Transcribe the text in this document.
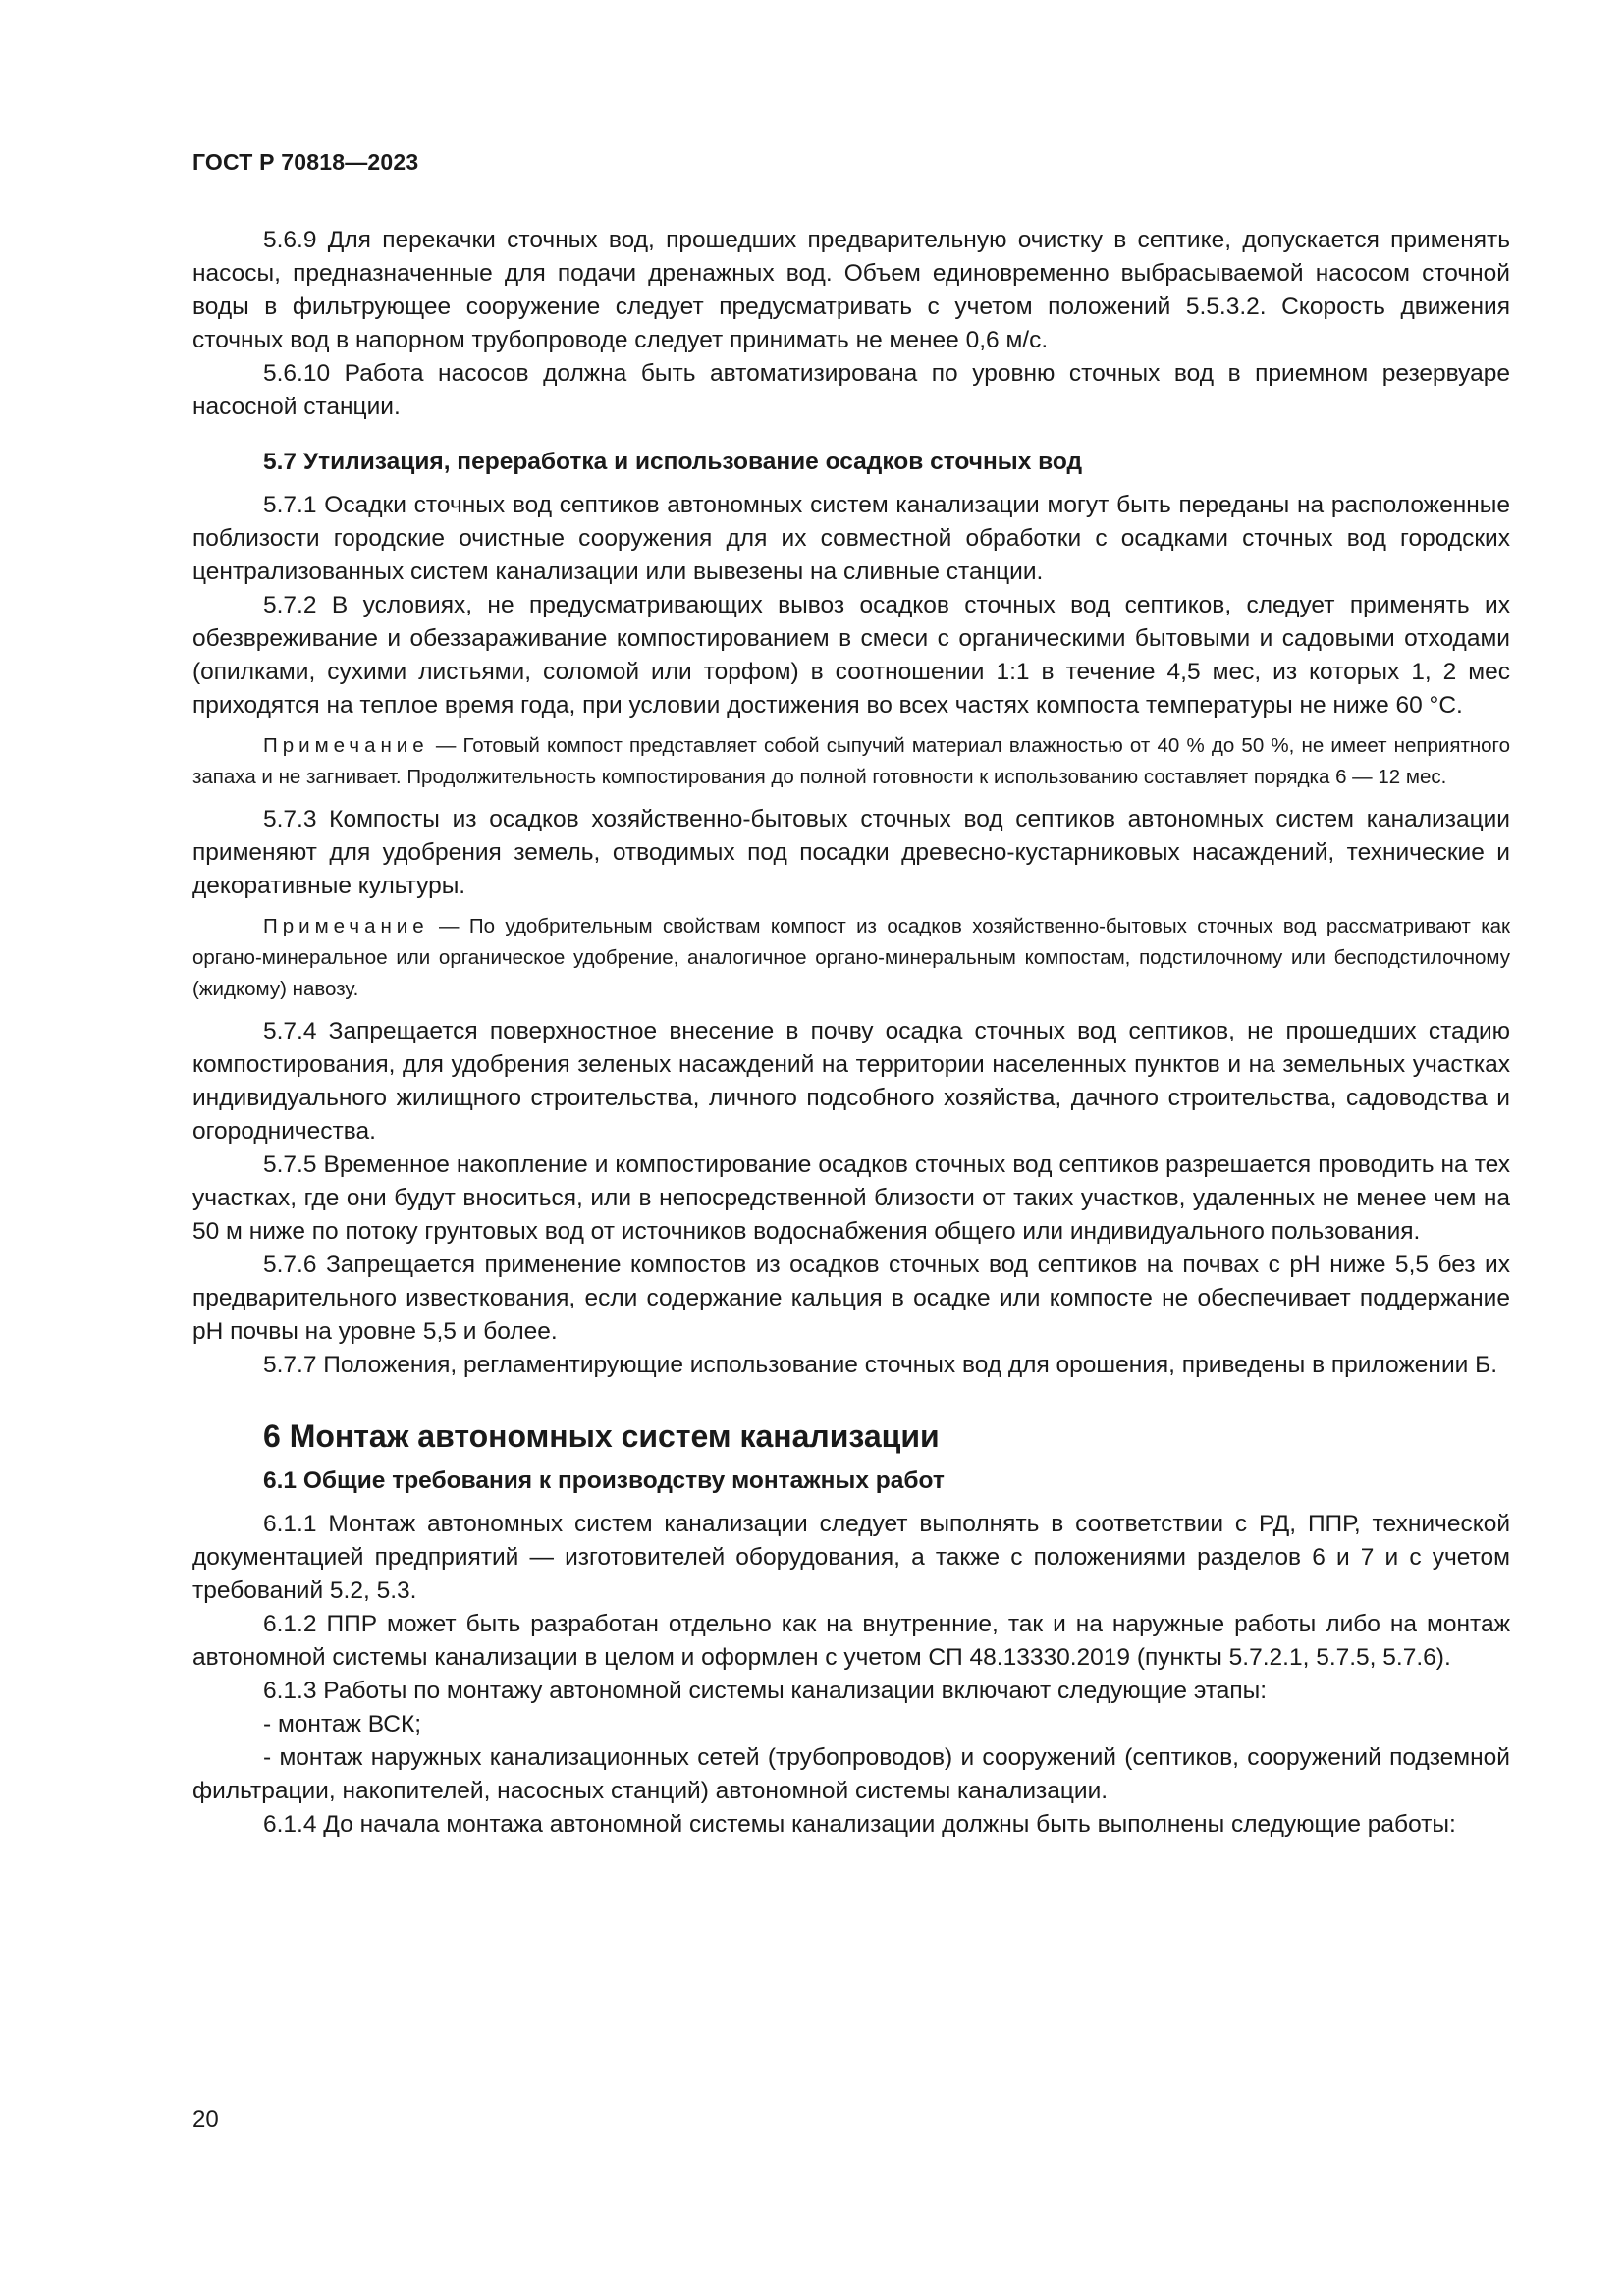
ГОСТ Р 70818—2023

5.6.9 Для перекачки сточных вод, прошедших предварительную очистку в септике, допускается применять насосы, предназначенные для подачи дренажных вод. Объем единовременно выбрасываемой насосом сточной воды в фильтрующее сооружение следует предусматривать с учетом положений 5.5.3.2. Скорость движения сточных вод в напорном трубопроводе следует принимать не менее 0,6 м/с.

5.6.10 Работа насосов должна быть автоматизирована по уровню сточных вод в приемном резервуаре насосной станции.

5.7 Утилизация, переработка и использование осадков сточных вод

5.7.1 Осадки сточных вод септиков автономных систем канализации могут быть переданы на расположенные поблизости городские очистные сооружения для их совместной обработки с осадками сточных вод городских централизованных систем канализации или вывезены на сливные станции.

5.7.2 В условиях, не предусматривающих вывоз осадков сточных вод септиков, следует применять их обезвреживание и обеззараживание компостированием в смеси с органическими бытовыми и садовыми отходами (опилками, сухими листьями, соломой или торфом) в соотношении 1:1 в течение 4,5 мес, из которых 1, 2 мес приходятся на теплое время года, при условии достижения во всех частях компоста температуры не ниже 60 °С.

Примечание — Готовый компост представляет собой сыпучий материал влажностью от 40 % до 50 %, не имеет неприятного запаха и не загнивает. Продолжительность компостирования до полной готовности к использованию составляет порядка 6 — 12 мес.

5.7.3 Компосты из осадков хозяйственно-бытовых сточных вод септиков автономных систем канализации применяют для удобрения земель, отводимых под посадки древесно-кустарниковых насаждений, технические и декоративные культуры.

Примечание — По удобрительным свойствам компост из осадков хозяйственно-бытовых сточных вод рассматривают как органо-минеральное или органическое удобрение, аналогичное органо-минеральным компостам, подстилочному или бесподстилочному (жидкому) навозу.

5.7.4 Запрещается поверхностное внесение в почву осадка сточных вод септиков, не прошедших стадию компостирования, для удобрения зеленых насаждений на территории населенных пунктов и на земельных участках индивидуального жилищного строительства, личного подсобного хозяйства, дачного строительства, садоводства и огородничества.

5.7.5 Временное накопление и компостирование осадков сточных вод септиков разрешается проводить на тех участках, где они будут вноситься, или в непосредственной близости от таких участков, удаленных не менее чем на 50 м ниже по потоку грунтовых вод от источников водоснабжения общего или индивидуального пользования.

5.7.6 Запрещается применение компостов из осадков сточных вод септиков на почвах с рН ниже 5,5 без их предварительного известкования, если содержание кальция в осадке или компосте не обеспечивает поддержание рН почвы на уровне 5,5 и более.

5.7.7 Положения, регламентирующие использование сточных вод для орошения, приведены в приложении Б.

6 Монтаж автономных систем канализации
6.1 Общие требования к производству монтажных работ

6.1.1 Монтаж автономных систем канализации следует выполнять в соответствии с РД, ППР, технической документацией предприятий — изготовителей оборудования, а также с положениями разделов 6 и 7 и с учетом требований 5.2, 5.3.

6.1.2 ППР может быть разработан отдельно как на внутренние, так и на наружные работы либо на монтаж автономной системы канализации в целом и оформлен с учетом СП 48.13330.2019 (пункты 5.7.2.1, 5.7.5, 5.7.6).

6.1.3 Работы по монтажу автономной системы канализации включают следующие этапы:

- монтаж ВСК;

- монтаж наружных канализационных сетей (трубопроводов) и сооружений (септиков, сооружений подземной фильтрации, накопителей, насосных станций) автономной системы канализации.

6.1.4 До начала монтажа автономной системы канализации должны быть выполнены следующие работы:

20
